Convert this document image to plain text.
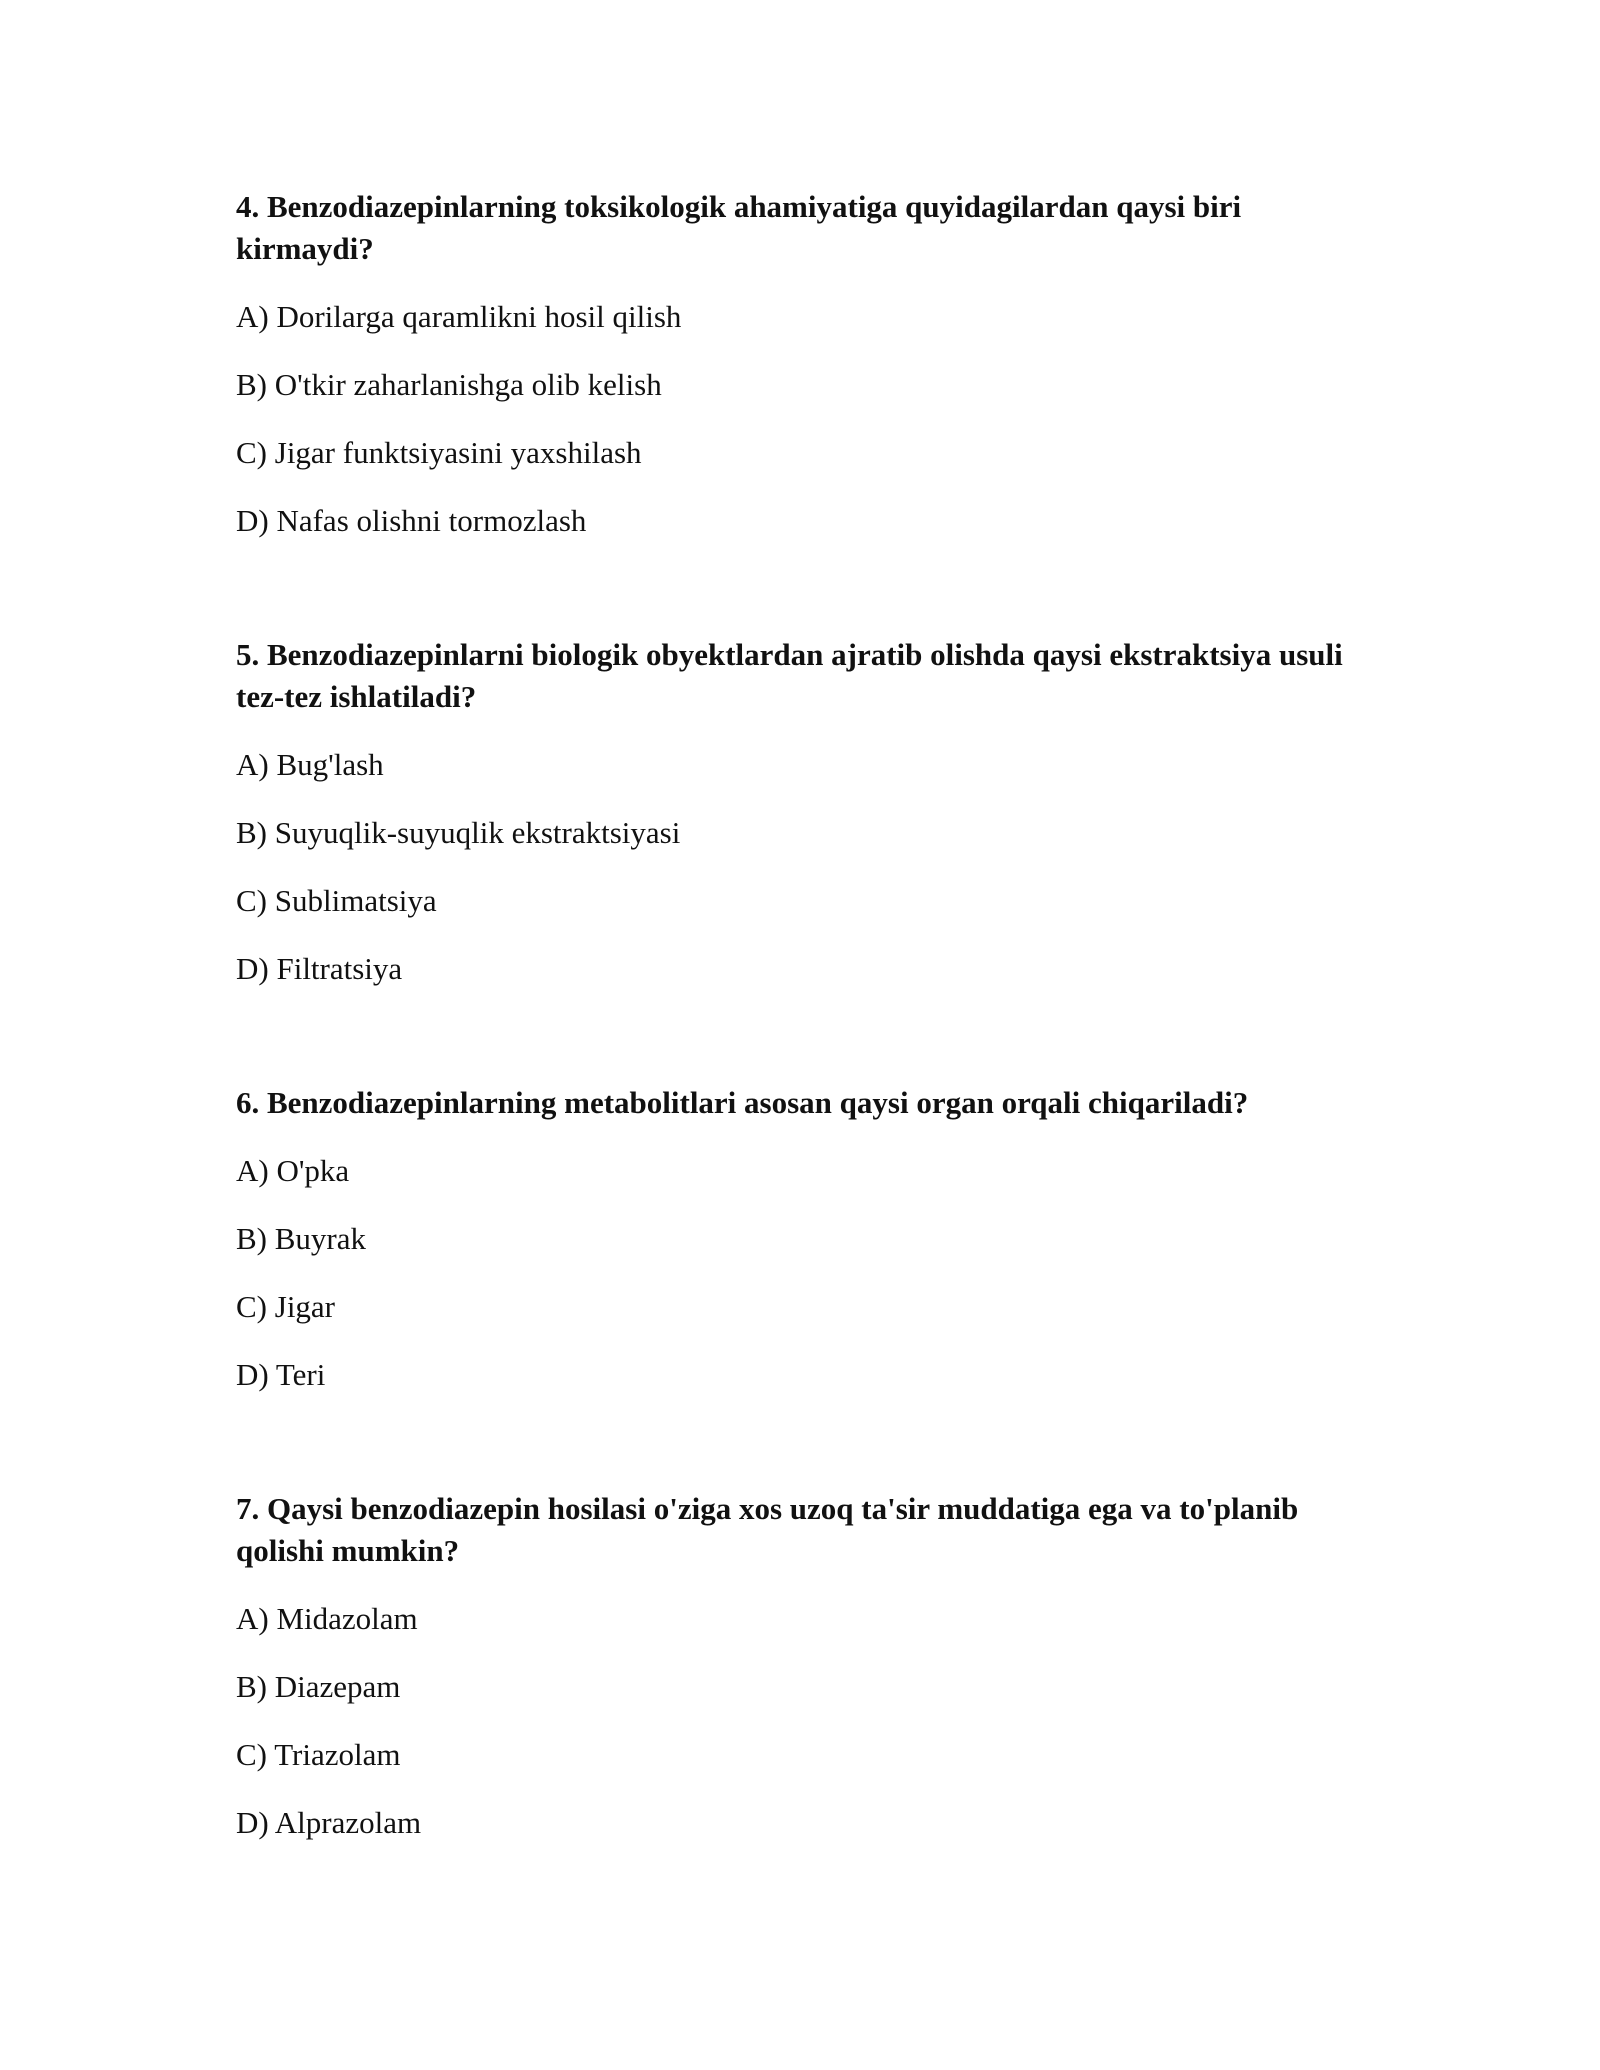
4. Benzodiazepinlarning toksikologik ahamiyatiga quyidagilardan qaysi biri kirmaydi?

A) Dorilarga qaramlikni hosil qilish
B) O'tkir zaharlanishga olib kelish
C) Jigar funktsiyasini yaxshilash
D) Nafas olishni tormozlash

5. Benzodiazepinlarni biologik obyektlardan ajratib olishda qaysi ekstraktsiya usuli tez-tez ishlatiladi?

A) Bug'lash
B) Suyuqlik-suyuqlik ekstraktsiyasi
C) Sublimatsiya
D) Filtratsiya

6. Benzodiazepinlarning metabolitlari asosan qaysi organ orqali chiqariladi?

A) O'pka
B) Buyrak
C) Jigar
D) Teri

7. Qaysi benzodiazepin hosilasi o'ziga xos uzoq ta'sir muddatiga ega va to'planib qolishi mumkin?

A) Midazolam
B) Diazepam
C) Triazolam
D) Alprazolam
